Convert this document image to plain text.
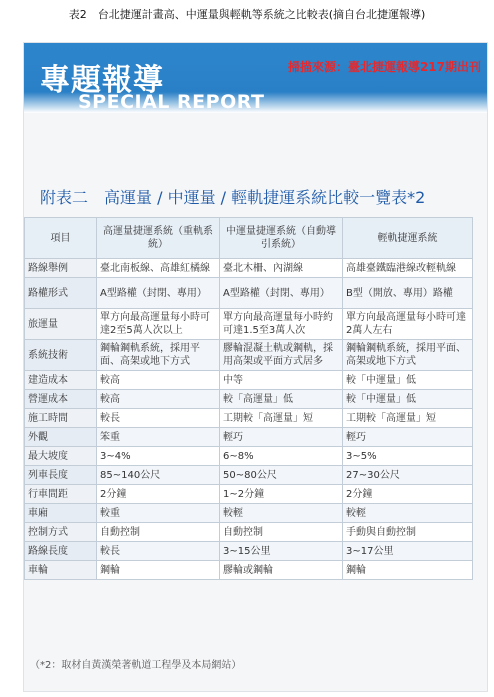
表2　台北捷運計畫高、中運量與輕軌等系統之比較表(摘自台北捷運報導)
專題報導
SPECIAL REPORT
掃描來源：臺北捷運報導217期出刊
附表二　高運量 / 中運量 / 輕軌捷運系統比較一覽表*2
項目	高運量捷運系統（重軌系統）	中運量捷運系統（自動導引系統）	輕軌捷運系統
路線舉例	臺北南板線、高雄紅橘線	臺北木柵、內湖線	高雄臺鐵臨港線改輕軌線
路權形式	A型路權（封閉、專用）	A型路權（封閉、專用）	B型（開放、專用）路權
旅運量	單方向最高運量每小時可達2至5萬人次以上	單方向最高運量每小時約可達1.5至3萬人次	單方向最高運量每小時可達2萬人左右
系統技術	鋼輪鋼軌系統，採用平面、高架或地下方式	膠輪混凝土軌或鋼軌，採用高架或平面方式居多	鋼輪鋼軌系統，採用平面、高架或地下方式
建造成本	較高	中等	較「中運量」低
營運成本	較高	較「高運量」低	較「中運量」低
施工時間	較長	工期較「高運量」短	工期較「高運量」短
外觀	笨重	輕巧	輕巧
最大坡度	3~4%	6~8%	3~5%
列車長度	85~140公尺	50~80公尺	27~30公尺
行車間距	2分鐘	1~2分鐘	2分鐘
車廂	較重	較輕	較輕
控制方式	自動控制	自動控制	手動與自動控制
路線長度	較長	3~15公里	3~17公里
車輪	鋼輪	膠輪或鋼輪	鋼輪
（*2：取材自黃漢榮著軌道工程學及本局網站）
